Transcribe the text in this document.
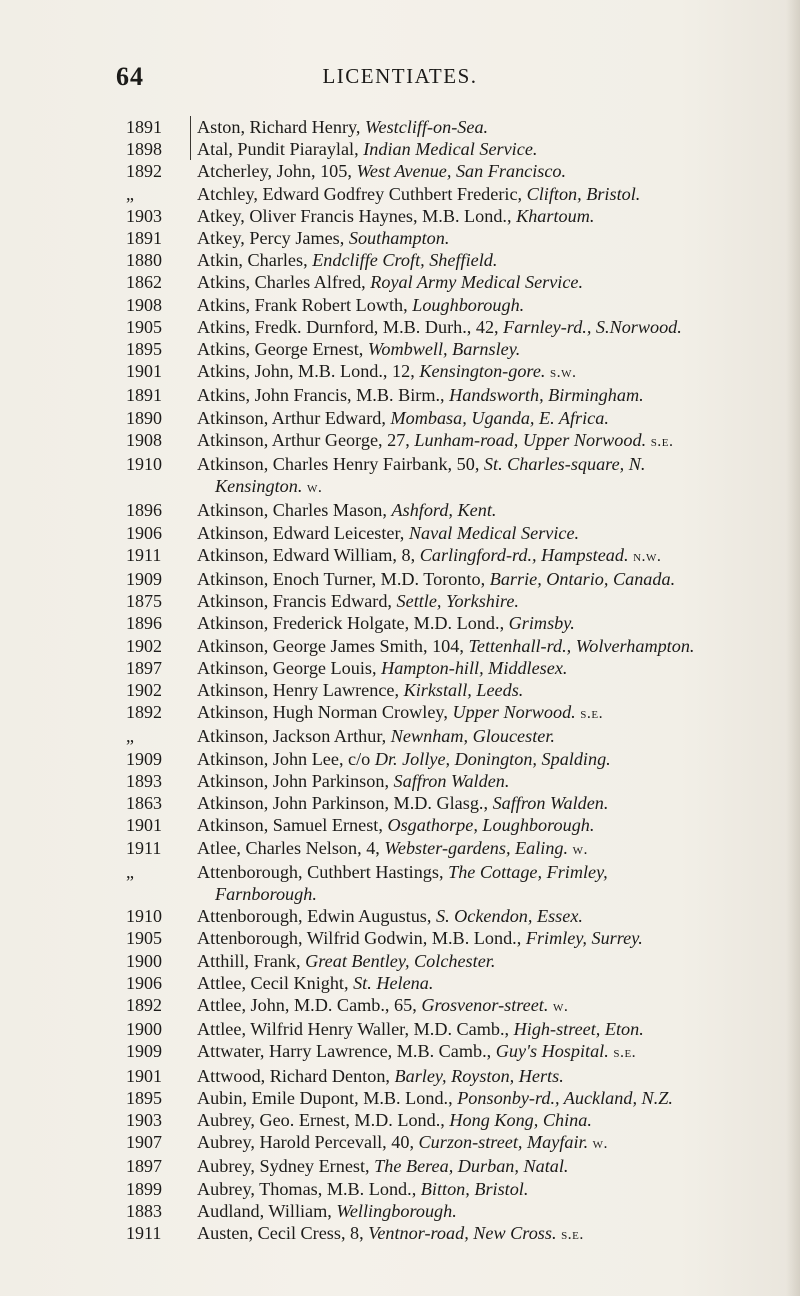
64	LICENTIATES.
1891 Aston, Richard Henry, Westcliff-on-Sea.
1898 Atal, Pundit Piaraylal, Indian Medical Service.
1892 Atcherley, John, 105, West Avenue, San Francisco.
„	Atchley, Edward Godfrey Cuthbert Frederic, Clifton, Bristol.
1903 Atkey, Oliver Francis Haynes, M.B. Lond., Khartoum.
1891 Atkey, Percy James, Southampton.
1880 Atkin, Charles, Endcliffe Croft, Sheffield.
1862 Atkins, Charles Alfred, Royal Army Medical Service.
1908 Atkins, Frank Robert Lowth, Loughborough.
1905 Atkins, Fredk. Durnford, M.B. Durh., 42, Farnley-rd., S.Norwood.
1895 Atkins, George Ernest, Wombwell, Barnsley.
1901 Atkins, John, M.B. Lond., 12, Kensington-gore. s.w.
1891 Atkins, John Francis, M.B. Birm., Handsworth, Birmingham.
1890 Atkinson, Arthur Edward, Mombasa, Uganda, E. Africa.
1908 Atkinson, Arthur George, 27, Lunham-road, Upper Norwood. s.e.
1910 Atkinson, Charles Henry Fairbank, 50, St. Charles-square, N.
Kensington. w.
1896 Atkinson, Charles Mason, Ashford, Kent.
1906 Atkinson, Edward Leicester, Naval Medical Service.
1911 Atkinson, Edward William, 8, Carlingford-rd., Hampstead. n.w.
1909 Atkinson, Enoch Turner, M.D. Toronto, Barrie, Ontario, Canada.
1875 Atkinson, Francis Edward, Settle, Yorkshire.
1896 Atkinson, Frederick Holgate, M.D. Lond., Grimsby.
1902 Atkinson, George James Smith, 104, Tettenhall-rd., Wolverhampton.
1897 Atkinson, George Louis, Hampton-hill, Middlesex.
1902 Atkinson, Henry Lawrence, Kirkstall, Leeds.
1892 Atkinson, Hugh Norman Crowley, Upper Norwood. s.e.
„	Atkinson, Jackson Arthur, Newnham, Gloucester.
1909 Atkinson, John Lee, c/o Dr. Jollye, Donington, Spalding.
1893 Atkinson, John Parkinson, Saffron Walden.
1863 Atkinson, John Parkinson, M.D. Glasg., Saffron Walden.
1901 Atkinson, Samuel Ernest, Osgathorpe, Loughborough.
1911 Atlee, Charles Nelson, 4, Webster-gardens, Ealing. w.
„	Attenborough, Cuthbert Hastings, The Cottage, Frimley,
Farnborough.
1910 Attenborough, Edwin Augustus, S. Ockendon, Essex.
1905 Attenborough, Wilfrid Godwin, M.B. Lond., Frimley, Surrey.
1900 Atthill, Frank, Great Bentley, Colchester.
1906 Attlee, Cecil Knight, St. Helena.
1892 Attlee, John, M.D. Camb., 65, Grosvenor-street. w.
1900 Attlee, Wilfrid Henry Waller, M.D. Camb., High-street, Eton.
1909 Attwater, Harry Lawrence, M.B. Camb., Guy's Hospital. s.e.
1901 Attwood, Richard Denton, Barley, Royston, Herts.
1895 Aubin, Emile Dupont, M.B. Lond., Ponsonby-rd., Auckland, N.Z.
1903 Aubrey, Geo. Ernest, M.D. Lond., Hong Kong, China.
1907 Aubrey, Harold Percevall, 40, Curzon-street, Mayfair. w.
1897 Aubrey, Sydney Ernest, The Berea, Durban, Natal.
1899 Aubrey, Thomas, M.B. Lond., Bitton, Bristol.
1883 Audland, William, Wellingborough.
1911 Austen, Cecil Cress, 8, Ventnor-road, New Cross. s.e.
